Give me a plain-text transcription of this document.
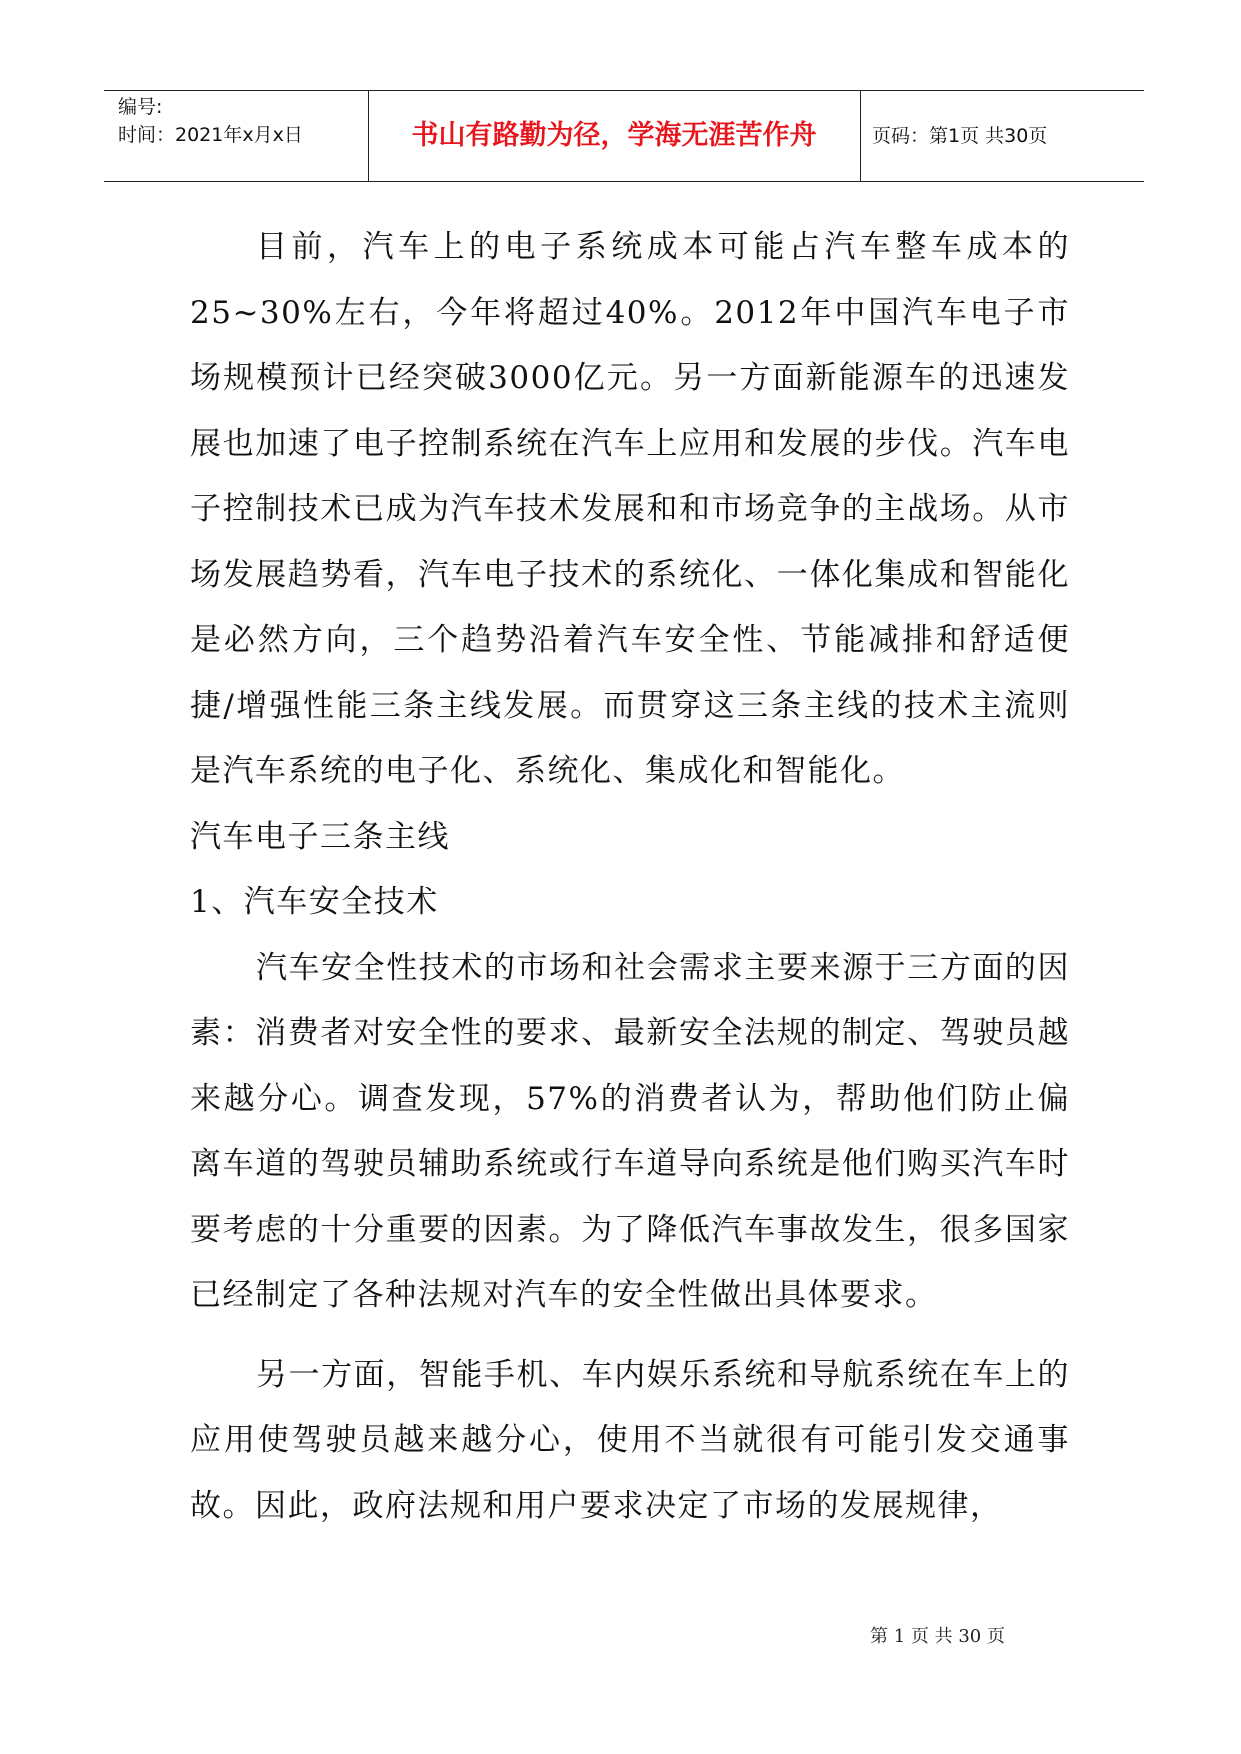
编号:
时间：2021年x月x日	书山有路勤为径，学海无涯苦作舟	页码：第1页 共30页

目前，汽车上的电子系统成本可能占汽车整车成本的25~30%左右，今年将超过40%。2012年中国汽车电子市场规模预计已经突破3000亿元。另一方面新能源车的迅速发展也加速了电子控制系统在汽车上应用和发展的步伐。汽车电子控制技术已成为汽车技术发展和和市场竞争的主战场。从市场发展趋势看，汽车电子技术的系统化、一体化集成和智能化是必然方向，三个趋势沿着汽车安全性、节能减排和舒适便捷/增强性能三条主线发展。而贯穿这三条主线的技术主流则是汽车系统的电子化、系统化、集成化和智能化。

汽车电子三条主线

1、汽车安全技术

汽车安全性技术的市场和社会需求主要来源于三方面的因素：消费者对安全性的要求、最新安全法规的制定、驾驶员越来越分心。调查发现，57%的消费者认为，帮助他们防止偏离车道的驾驶员辅助系统或行车道导向系统是他们购买汽车时要考虑的十分重要的因素。为了降低汽车事故发生，很多国家已经制定了各种法规对汽车的安全性做出具体要求。

另一方面，智能手机、车内娱乐系统和导航系统在车上的应用使驾驶员越来越分心，使用不当就很有可能引发交通事故。因此，政府法规和用户要求决定了市场的发展规律，

第 1 页 共 30 页
